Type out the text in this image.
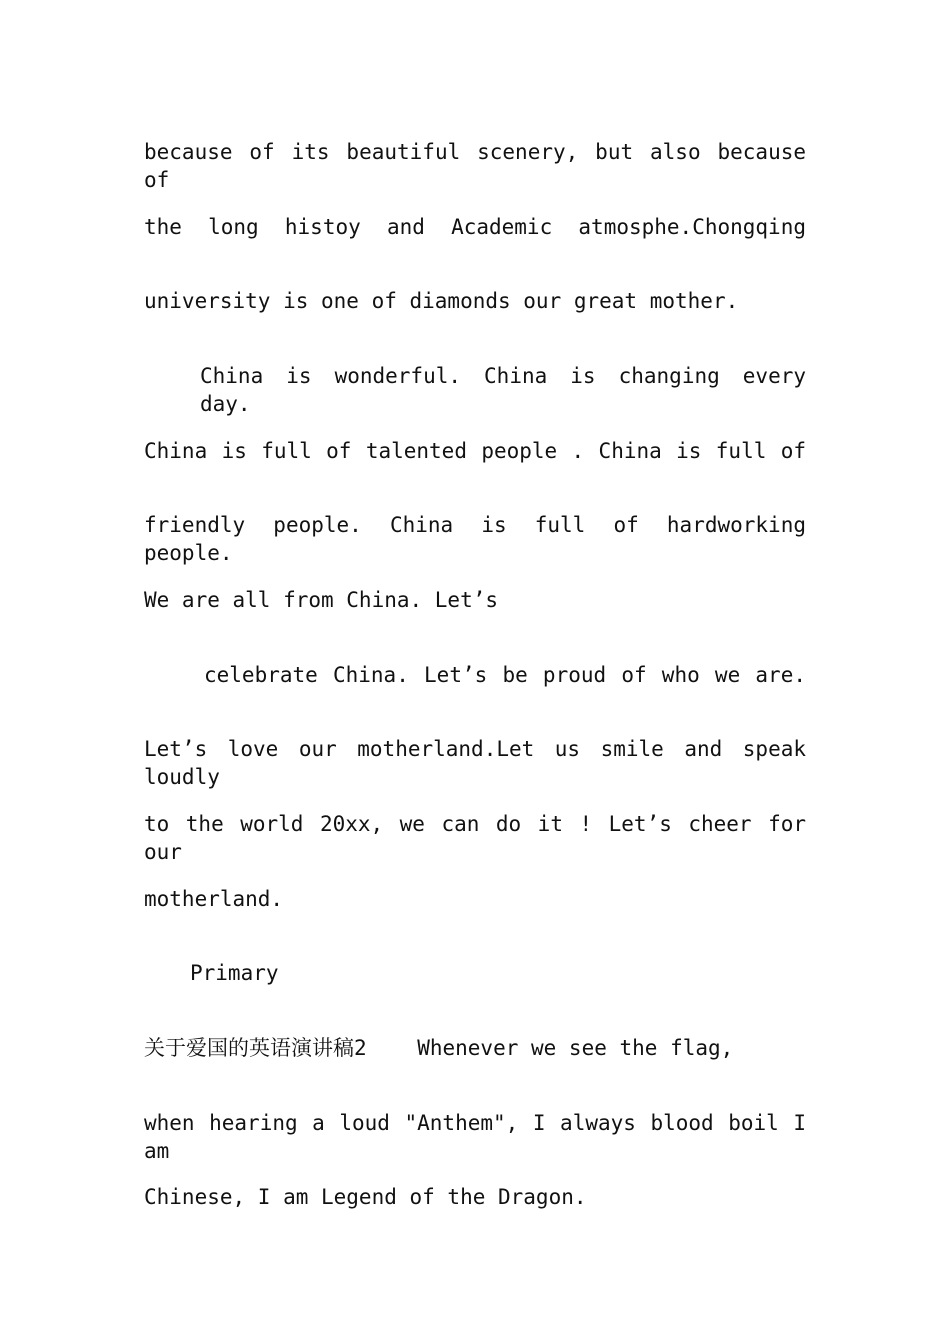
because of its beautiful scenery, but also because of
the long histoy and Academic atmosphe.Chongqing
university is one of diamonds our great mother.
China is wonderful. China is changing every day.
China is full of talented people . China is full of
friendly people. China is full of hardworking people.
We are all from China. Let’s
celebrate China. Let’s be proud of who we are.
Let’s love our motherland.Let us smile and speak loudly
to the world 20xx, we can do it ! Let’s cheer for our
motherland.
Primary
关于爱国的英语演讲稿2    Whenever we see the flag,
when hearing a loud "Anthem", I always blood boil I am
Chinese, I am Legend of the Dragon.
